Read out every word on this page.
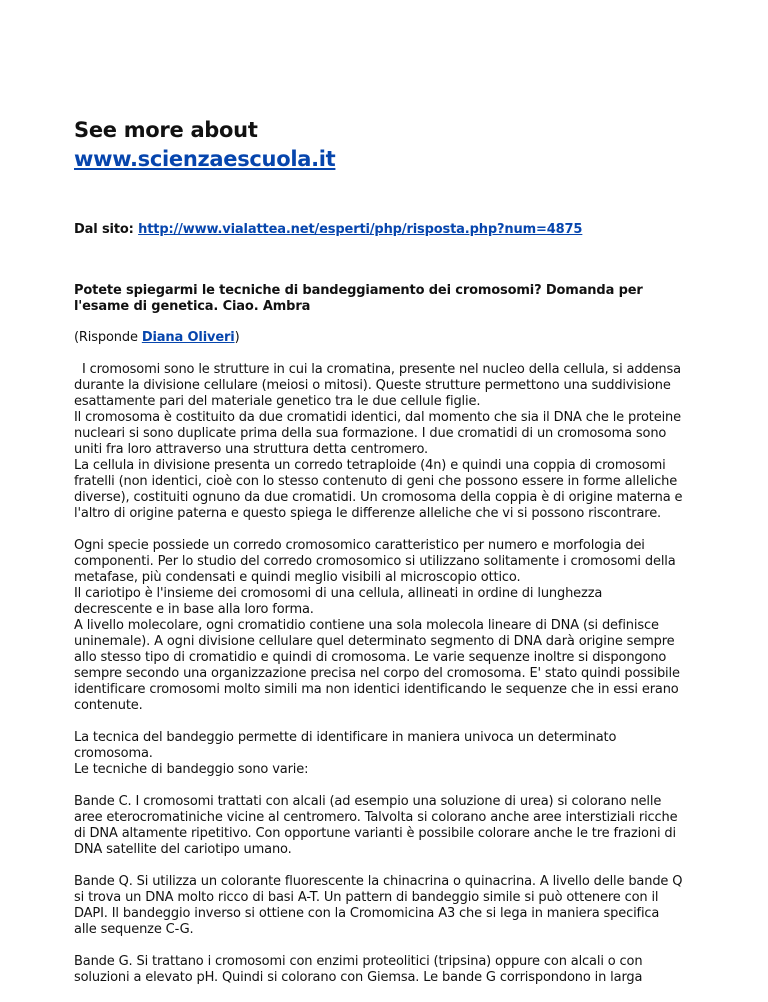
See more about
www.scienzaescuola.it
Dal sito: http://www.vialattea.net/esperti/php/risposta.php?num=4875
Potete spiegarmi le tecniche di bandeggiamento dei cromosomi? Domanda per
l'esame di genetica. Ciao. Ambra
(Risponde Diana Oliveri)

I cromosomi sono le strutture in cui la cromatina, presente nel nucleo della cellula, si addensa
durante la divisione cellulare (meiosi o mitosi). Queste strutture permettono una suddivisione
esattamente pari del materiale genetico tra le due cellule figlie.
Il cromosoma è costituito da due cromatidi identici, dal momento che sia il DNA che le proteine
nucleari si sono duplicate prima della sua formazione. I due cromatidi di un cromosoma sono
uniti fra loro attraverso una struttura detta centromero.
La cellula in divisione presenta un corredo tetraploide (4n) e quindi una coppia di cromosomi
fratelli (non identici, cioè con lo stesso contenuto di geni che possono essere in forme alleliche
diverse), costituiti ognuno da due cromatidi. Un cromosoma della coppia è di origine materna e
l'altro di origine paterna e questo spiega le differenze alleliche che vi si possono riscontrare.

Ogni specie possiede un corredo cromosomico caratteristico per numero e morfologia dei
componenti. Per lo studio del corredo cromosomico si utilizzano solitamente i cromosomi della
metafase, più condensati e quindi meglio visibili al microscopio ottico.
Il cariotipo è l'insieme dei cromosomi di una cellula, allineati in ordine di lunghezza
decrescente e in base alla loro forma.
A livello molecolare, ogni cromatidio contiene una sola molecola lineare di DNA (si definisce
uninemale). A ogni divisione cellulare quel determinato segmento di DNA darà origine sempre
allo stesso tipo di cromatidio e quindi di cromosoma. Le varie sequenze inoltre si dispongono
sempre secondo una organizzazione precisa nel corpo del cromosoma. E' stato quindi possibile
identificare cromosomi molto simili ma non identici identificando le sequenze che in essi erano
contenute.

La tecnica del bandeggio permette di identificare in maniera univoca un determinato
cromosoma.
Le tecniche di bandeggio sono varie:

Bande C. I cromosomi trattati con alcali (ad esempio una soluzione di urea) si colorano nelle
aree eterocromatiniche vicine al centromero. Talvolta si colorano anche aree interstiziali ricche
di DNA altamente ripetitivo. Con opportune varianti è possibile colorare anche le tre frazioni di
DNA satellite del cariotipo umano.

Bande Q. Si utilizza un colorante fluorescente la chinacrina o quinacrina. A livello delle bande Q
si trova un DNA molto ricco di basi A-T. Un pattern di bandeggio simile si può ottenere con il
DAPI. Il bandeggio inverso si ottiene con la Cromomicina A3 che si lega in maniera specifica
alle sequenze C-G.

Bande G. Si trattano i cromosomi con enzimi proteolitici (tripsina) oppure con alcali o con
soluzioni a elevato pH. Quindi si colorano con Giemsa. Le bande G corrispondono in larga
